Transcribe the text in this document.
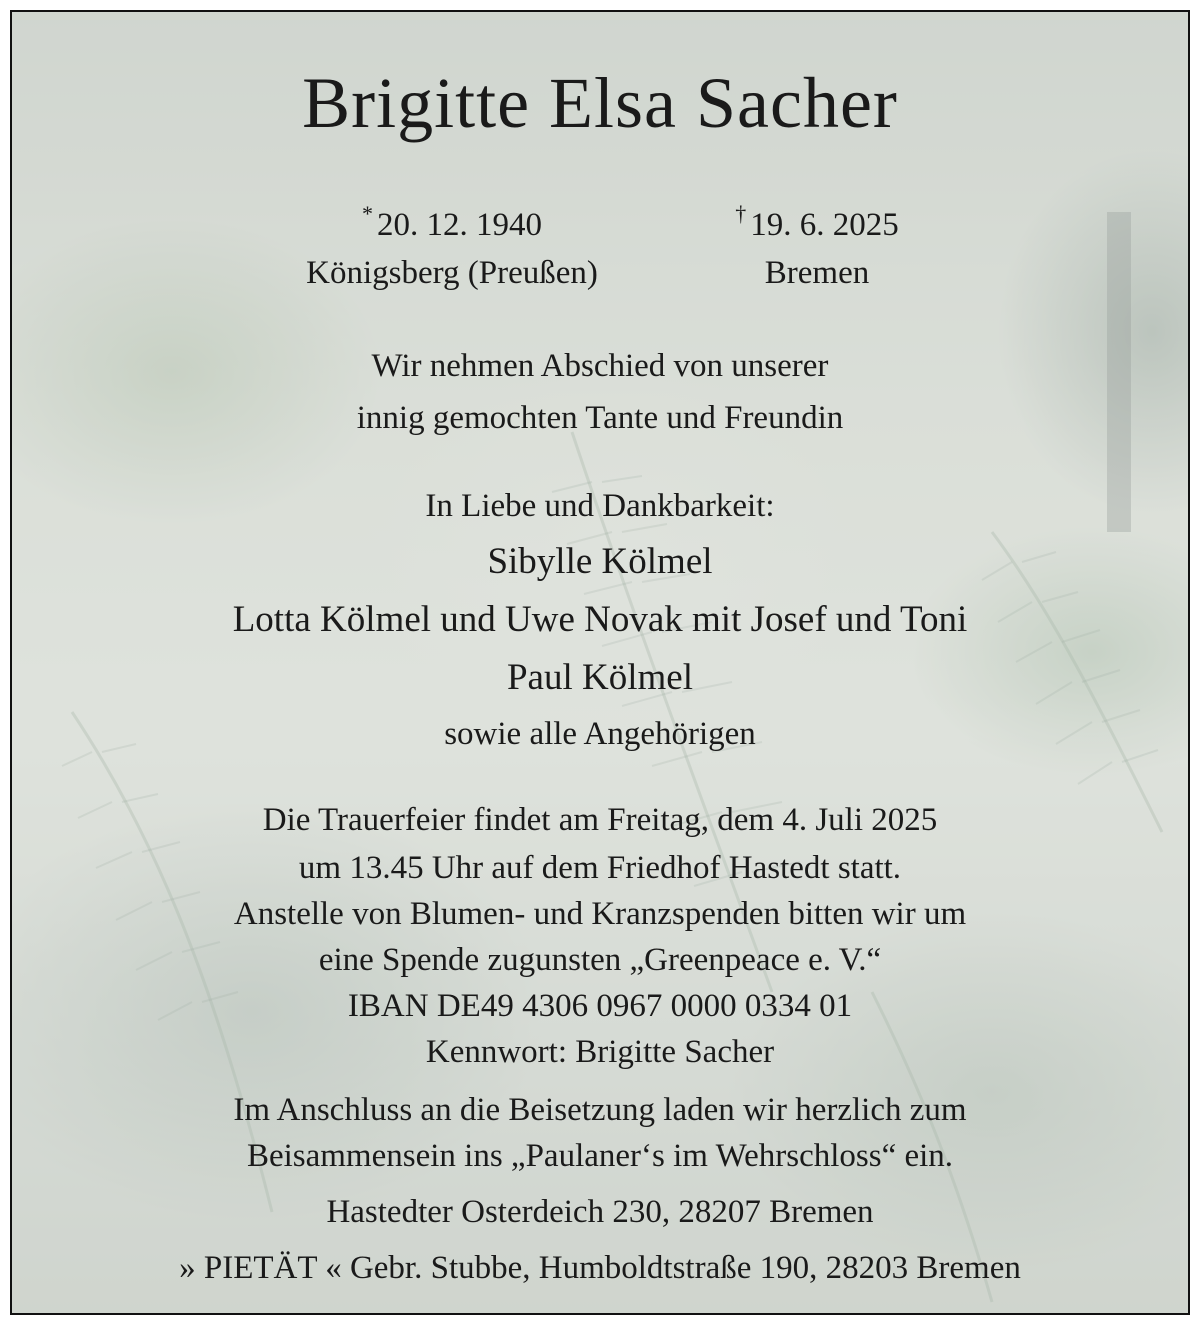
Brigitte Elsa Sacher
* 20. 12. 1940
Königsberg (Preußen)
† 19. 6. 2025
Bremen
Wir nehmen Abschied von unserer
innig gemochten Tante und Freundin
In Liebe und Dankbarkeit:
Sibylle Kölmel
Lotta Kölmel und Uwe Novak mit Josef und Toni
Paul Kölmel
sowie alle Angehörigen
Die Trauerfeier findet am Freitag, dem 4. Juli 2025
um 13.45 Uhr auf dem Friedhof Hastedt statt.
Anstelle von Blumen- und Kranzspenden bitten wir um
eine Spende zugunsten „Greenpeace e. V.“
IBAN DE49 4306 0967 0000 0334 01
Kennwort: Brigitte Sacher
Im Anschluss an die Beisetzung laden wir herzlich zum
Beisammensein ins „Paulaner‘s im Wehrschloss“ ein.
Hastedter Osterdeich 230, 28207 Bremen
» PIETÄT « Gebr. Stubbe, Humboldtstraße 190, 28203 Bremen
